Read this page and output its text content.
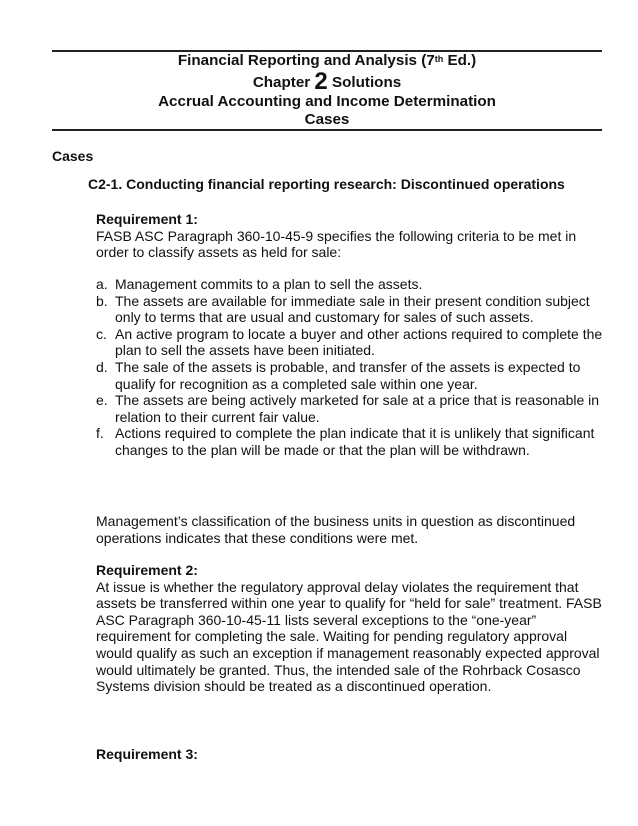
Financial Reporting and Analysis (7th Ed.)
Chapter 2 Solutions
Accrual Accounting and Income Determination
Cases
Cases
C2-1. Conducting financial reporting research: Discontinued operations
Requirement 1:
FASB ASC Paragraph 360-10-45-9 specifies the following criteria to be met in order to classify assets as held for sale:
a. Management commits to a plan to sell the assets.
b. The assets are available for immediate sale in their present condition subject only to terms that are usual and customary for sales of such assets.
c. An active program to locate a buyer and other actions required to complete the plan to sell the assets have been initiated.
d. The sale of the assets is probable, and transfer of the assets is expected to qualify for recognition as a completed sale within one year.
e. The assets are being actively marketed for sale at a price that is reasonable in relation to their current fair value.
f. Actions required to complete the plan indicate that it is unlikely that significant changes to the plan will be made or that the plan will be withdrawn.
Management’s classification of the business units in question as discontinued operations indicates that these conditions were met.
Requirement 2:
At issue is whether the regulatory approval delay violates the requirement that assets be transferred within one year to qualify for “held for sale” treatment. FASB ASC Paragraph 360-10-45-11 lists several exceptions to the “one-year” requirement for completing the sale. Waiting for pending regulatory approval would qualify as such an exception if management reasonably expected approval would ultimately be granted. Thus, the intended sale of the Rohrback Cosasco Systems division should be treated as a discontinued operation.
Requirement 3:
